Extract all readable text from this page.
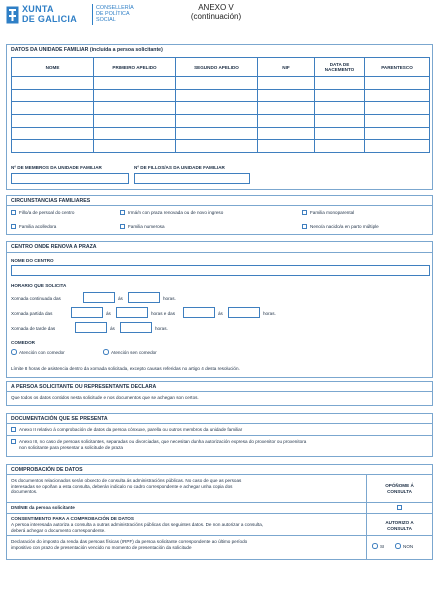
XUNTA
DE GALICIA
CONSELLERÍA
DE POLÍTICA
SOCIAL
ANEXO V
(continuación)
DATOS DA UNIDADE FAMILIAR (incluída a persoa solicitante)
NOME	PRIMEIRO APELIDO	SEGUNDO APELIDO	NIF	DATA DE NACEMENTO	PARENTESCO

Nº DE MEMBROS DA UNIDADE FAMILIAR	Nº DE FILLOS/AS DA UNIDADE FAMILIAR
CIRCUNSTANCIAS FAMILIARES
Fillo/a de persoal do centro	Irmá/n con praza renovada ou de novo ingreso	Familia monoparental
Familia acolledora	Familia numerosa	Neno/a nacido/a en parto múltiple
CENTRO ONDE RENOVA A PRAZA
NOME DO CENTRO
HORARIO QUE SOLICITA
Xornada continuada das	ás	horas.
Xornada partida das	ás	horas e das	ás	horas.
Xornada de tarde das	ás	horas.
COMEDOR
Atención con comedor	Atención sen comedor
Límite 8 horas de asistencia dentro da xornada solicitada, excepto causas referidas no artigo 4 desta resolución.
A PERSOA SOLICITANTE OU REPRESENTANTE DECLARA
Que todos os datos contidos nesta solicitude e nos documentos que se achegan son certos.
DOCUMENTACIÓN QUE SE PRESENTA
Anexo II relativo á comprobación de datos da persoa cónxuxe, parella ou outros membros da unidade familiar
Anexo III, no caso de persoas solicitantes, separadas ou divorciadas, que necesitan dunha autorización expresa do proxenitor ou proxenitora
non solicitante para presentar a solicitude de praza
COMPROBACIÓN DE DATOS
Os documentos relacionados serán obxecto de consulta ás administracións públicas. No caso de que as persoas
interesadas se opoñan a esta consulta, deberán indicalo no cadro correspondente e achegar unha copia dos
documentos.
OPÓÑOME Á
CONSULTA
DNI/NIE da persoa solicitante
CONSENTIMENTO PARA A COMPROBACIÓN DE DATOS
A persoa interesada autoriza a consulta a outras administracións públicas dos seguintes datos. De non autorizar a consulta,
deberá achegar o documento correspondente.
AUTORIZO A
CONSULTA
Declaración do imposto da renda das persoas físicas (IRPF) da persoa solicitante correspondente ao último período
impositivo con prazo de presentación vencido no momento de presentación da solicitude	SI	NON
